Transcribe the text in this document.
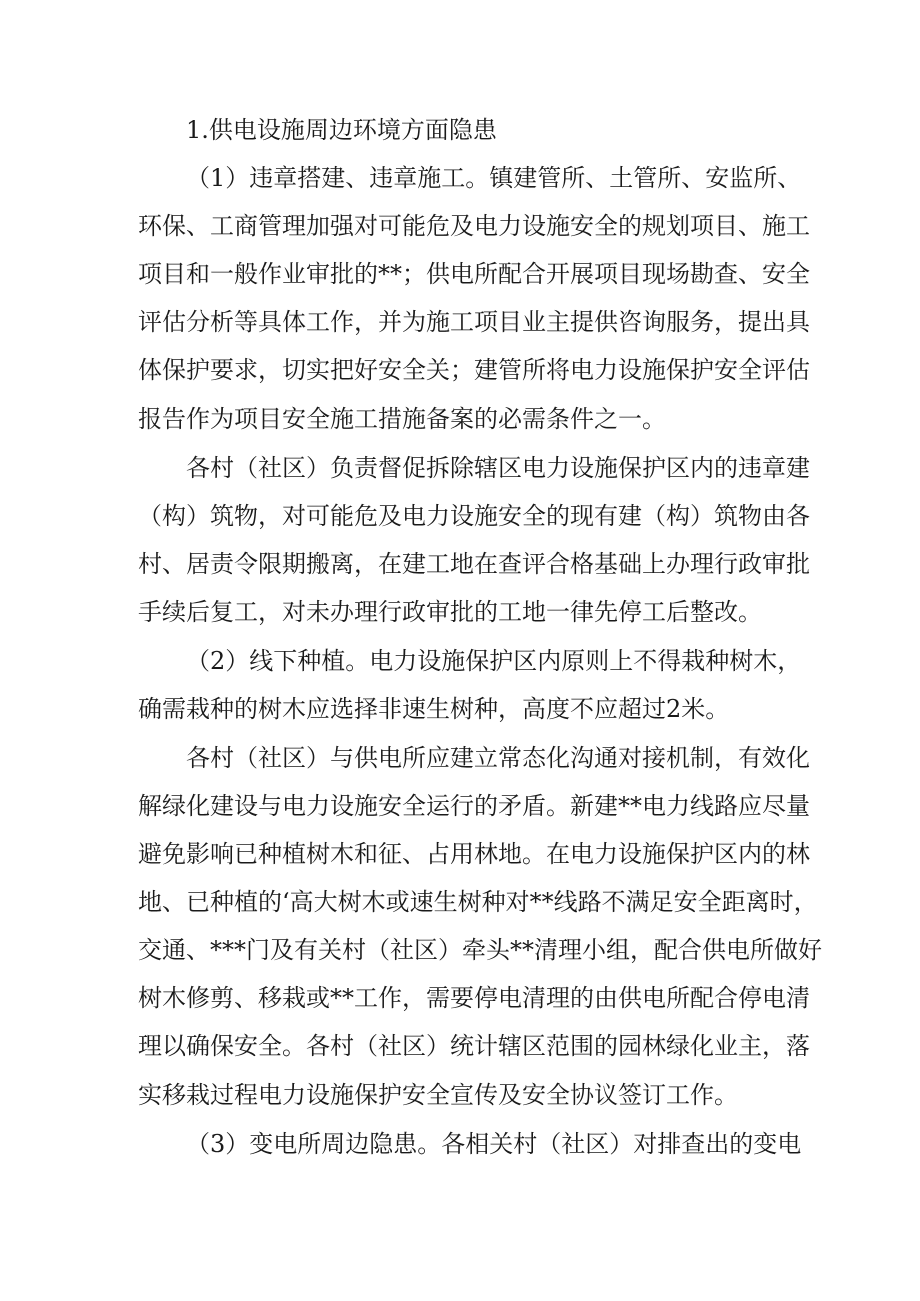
1.供电设施周边环境方面隐患
（1）违章搭建、违章施工。镇建管所、土管所、安监所、
环保、工商管理加强对可能危及电力设施安全的规划项目、施工
项目和一般作业审批的**；供电所配合开展项目现场勘查、安全
评估分析等具体工作，并为施工项目业主提供咨询服务，提出具
体保护要求，切实把好安全关；建管所将电力设施保护安全评估
报告作为项目安全施工措施备案的必需条件之一。
各村（社区）负责督促拆除辖区电力设施保护区内的违章建
（构）筑物，对可能危及电力设施安全的现有建（构）筑物由各
村、居责令限期搬离，在建工地在查评合格基础上办理行政审批
手续后复工，对未办理行政审批的工地一律先停工后整改。
（2）线下种植。电力设施保护区内原则上不得栽种树木，
确需栽种的树木应选择非速生树种，高度不应超过2米。
各村（社区）与供电所应建立常态化沟通对接机制，有效化
解绿化建设与电力设施安全运行的矛盾。新建**电力线路应尽量
避免影响已种植树木和征、占用林地。在电力设施保护区内的林
地、已种植的‘高大树木或速生树种对**线路不满足安全距离时，
交通、***门及有关村（社区）牵头**清理小组，配合供电所做好
树木修剪、移栽或**工作，需要停电清理的由供电所配合停电清
理以确保安全。各村（社区）统计辖区范围的园林绿化业主，落
实移栽过程电力设施保护安全宣传及安全协议签订工作。
（3）变电所周边隐患。各相关村（社区）对排查出的变电
